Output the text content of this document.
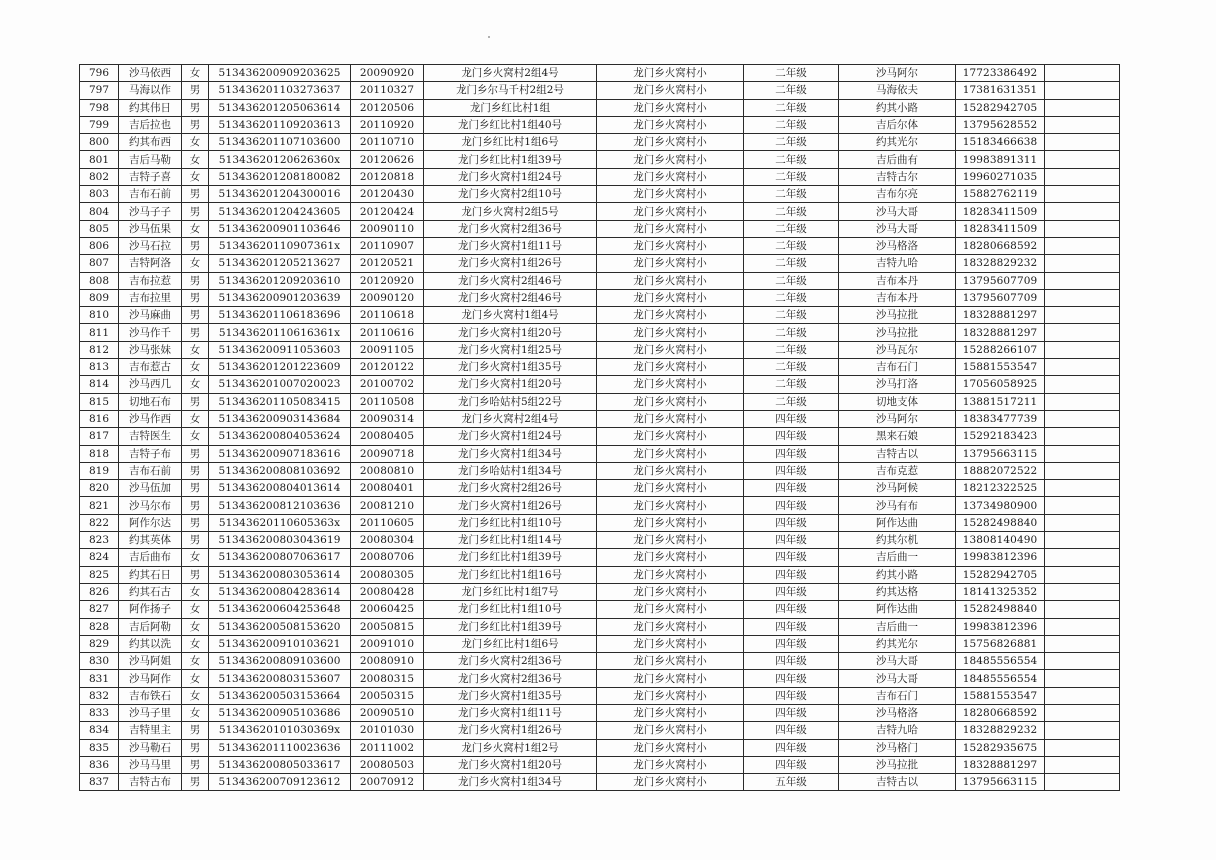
796	沙马依西	女	513436200909203625	20090920	龙门乡火窝村2组4号	龙门乡火窝村小	二年级	沙马阿尔	17723386492	
797	马海以作	男	513436201103273637	20110327	龙门乡尔马千村2组2号	龙门乡火窝村小	二年级	马海依夫	17381631351	
798	约其伟日	男	513436201205063614	20120506	龙门乡红比村1组	龙门乡火窝村小	二年级	约其小路	15282942705	
799	吉后拉也	男	513436201109203613	20110920	龙门乡红比村1组40号	龙门乡火窝村小	二年级	吉后尔体	13795628552	
800	约其布西	女	513436201107103600	20110710	龙门乡红比村1组6号	龙门乡火窝村小	二年级	约其光尔	15183466638	
801	吉后马勒	女	51343620120626360x	20120626	龙门乡红比村1组39号	龙门乡火窝村小	二年级	吉后曲有	19983891311	
802	吉特子喜	女	513436201208180082	20120818	龙门乡火窝村1组24号	龙门乡火窝村小	二年级	吉特古尔	19960271035	
803	吉布石前	男	513436201204300016	20120430	龙门乡火窝村2组10号	龙门乡火窝村小	二年级	吉布尔亮	15882762119	
804	沙马子子	男	513436201204243605	20120424	龙门乡火窝村2组5号	龙门乡火窝村小	二年级	沙马大哥	18283411509	
805	沙马伍果	女	513436200901103646	20090110	龙门乡火窝村2组36号	龙门乡火窝村小	二年级	沙马大哥	18283411509	
806	沙马石拉	男	51343620110907361x	20110907	龙门乡火窝村1组11号	龙门乡火窝村小	二年级	沙马格洛	18280668592	
807	吉特阿洛	女	513436201205213627	20120521	龙门乡火窝村1组26号	龙门乡火窝村小	二年级	吉特九哈	18328829232	
808	吉布拉惹	男	513436201209203610	20120920	龙门乡火窝村2组46号	龙门乡火窝村小	二年级	吉布本丹	13795607709	
809	吉布拉里	男	513436200901203639	20090120	龙门乡火窝村2组46号	龙门乡火窝村小	二年级	吉布本丹	13795607709	
810	沙马麻曲	男	513436201106183696	20110618	龙门乡火窝村1组4号	龙门乡火窝村小	二年级	沙马拉批	18328881297	
811	沙马作千	男	51343620110616361x	20110616	龙门乡火窝村1组20号	龙门乡火窝村小	二年级	沙马拉批	18328881297	
812	沙马张妹	女	513436200911053603	20091105	龙门乡火窝村1组25号	龙门乡火窝村小	二年级	沙马瓦尔	15288266107	
813	吉布惹古	女	513436201201223609	20120122	龙门乡火窝村1组35号	龙门乡火窝村小	二年级	吉布石门	15881553547	
814	沙马西几	女	513436201007020023	20100702	龙门乡火窝村1组20号	龙门乡火窝村小	二年级	沙马打洛	17056058925	
815	切地石布	男	513436201105083415	20110508	龙门乡哈姑村5组22号	龙门乡火窝村小	二年级	切地支体	13881517211	
816	沙马作西	女	513436200903143684	20090314	龙门乡火窝村2组4号	龙门乡火窝村小	四年级	沙马阿尔	18383477739	
817	吉特医生	女	513436200804053624	20080405	龙门乡火窝村1组24号	龙门乡火窝村小	四年级	黑来石娘	15292183423	
818	吉特子布	男	513436200907183616	20090718	龙门乡火窝村1组34号	龙门乡火窝村小	四年级	吉特古以	13795663115	
819	吉布石前	男	513436200808103692	20080810	龙门乡哈姑村1组34号	龙门乡火窝村小	四年级	吉布克惹	18882072522	
820	沙马伍加	男	513436200804013614	20080401	龙门乡火窝村2组26号	龙门乡火窝村小	四年级	沙马阿候	18212322525	
821	沙马尔布	男	513436200812103636	20081210	龙门乡火窝村1组26号	龙门乡火窝村小	四年级	沙马有布	13734980900	
822	阿作尔达	男	51343620110605363x	20110605	龙门乡红比村1组10号	龙门乡火窝村小	四年级	阿作达曲	15282498840	
823	约其英体	男	513436200803043619	20080304	龙门乡红比村1组14号	龙门乡火窝村小	四年级	约其尔机	13808140490	
824	吉后曲布	女	513436200807063617	20080706	龙门乡红比村1组39号	龙门乡火窝村小	四年级	吉后曲一	19983812396	
825	约其石日	男	513436200803053614	20080305	龙门乡红比村1组16号	龙门乡火窝村小	四年级	约其小路	15282942705	
826	约其石古	女	513436200804283614	20080428	龙门乡红比村1组7号	龙门乡火窝村小	四年级	约其达格	18141325352	
827	阿作扬子	女	513436200604253648	20060425	龙门乡红比村1组10号	龙门乡火窝村小	四年级	阿作达曲	15282498840	
828	吉后阿勒	女	513436200508153620	20050815	龙门乡红比村1组39号	龙门乡火窝村小	四年级	吉后曲一	19983812396	
829	约其以洗	女	513436200910103621	20091010	龙门乡红比村1组6号	龙门乡火窝村小	四年级	约其光尔	15756826881	
830	沙马阿姐	女	513436200809103600	20080910	龙门乡火窝村2组36号	龙门乡火窝村小	四年级	沙马大哥	18485556554	
831	沙马阿作	女	513436200803153607	20080315	龙门乡火窝村2组36号	龙门乡火窝村小	四年级	沙马大哥	18485556554	
832	吉布铁石	女	513436200503153664	20050315	龙门乡火窝村1组35号	龙门乡火窝村小	四年级	吉布石门	15881553547	
833	沙马子里	女	513436200905103686	20090510	龙门乡火窝村1组11号	龙门乡火窝村小	四年级	沙马格洛	18280668592	
834	吉特里主	男	51343620101030369x	20101030	龙门乡火窝村1组26号	龙门乡火窝村小	四年级	吉特九哈	18328829232	
835	沙马勒石	男	513436201110023636	20111002	龙门乡火窝村1组2号	龙门乡火窝村小	四年级	沙马格门	15282935675	
836	沙马马里	男	513436200805033617	20080503	龙门乡火窝村1组20号	龙门乡火窝村小	四年级	沙马拉批	18328881297	
837	吉特古布	男	513436200709123612	20070912	龙门乡火窝村1组34号	龙门乡火窝村小	五年级	吉特古以	13795663115	
